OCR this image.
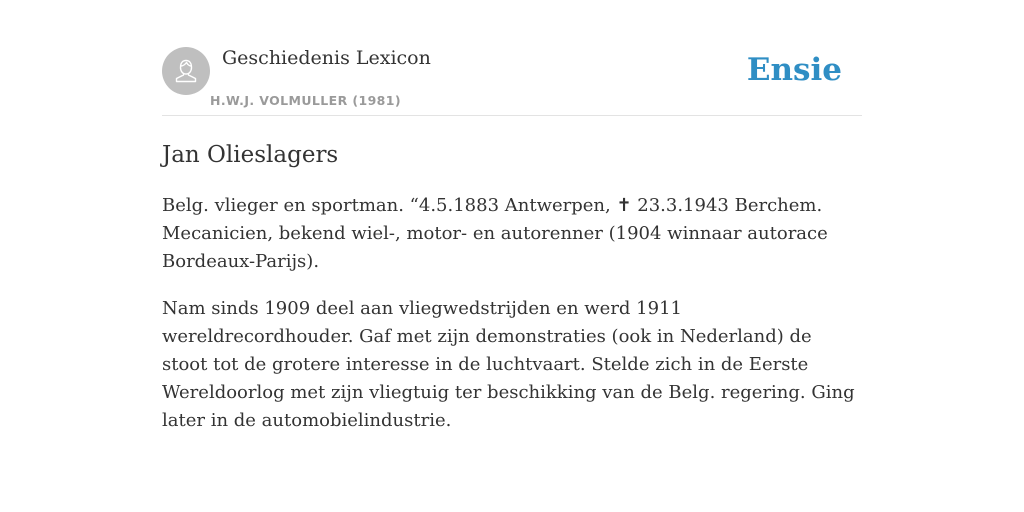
Geschiedenis Lexicon
H.W.J. VOLMULLER (1981)
Ensie
Jan Olieslagers

Belg. vlieger en sportman. “4.5.1883 Antwerpen, ✝ 23.3.1943 Berchem. Mecanicien, bekend wiel-, motor- en autorenner (1904 winnaar autorace Bordeaux-Parijs).

Nam sinds 1909 deel aan vliegwedstrijden en werd 1911 wereldrecordhouder. Gaf met zijn demonstraties (ook in Nederland) de stoot tot de grotere interesse in de luchtvaart. Stelde zich in de Eerste Wereldoorlog met zijn vliegtuig ter beschikking van de Belg. regering. Ging later in de automobielindustrie.
